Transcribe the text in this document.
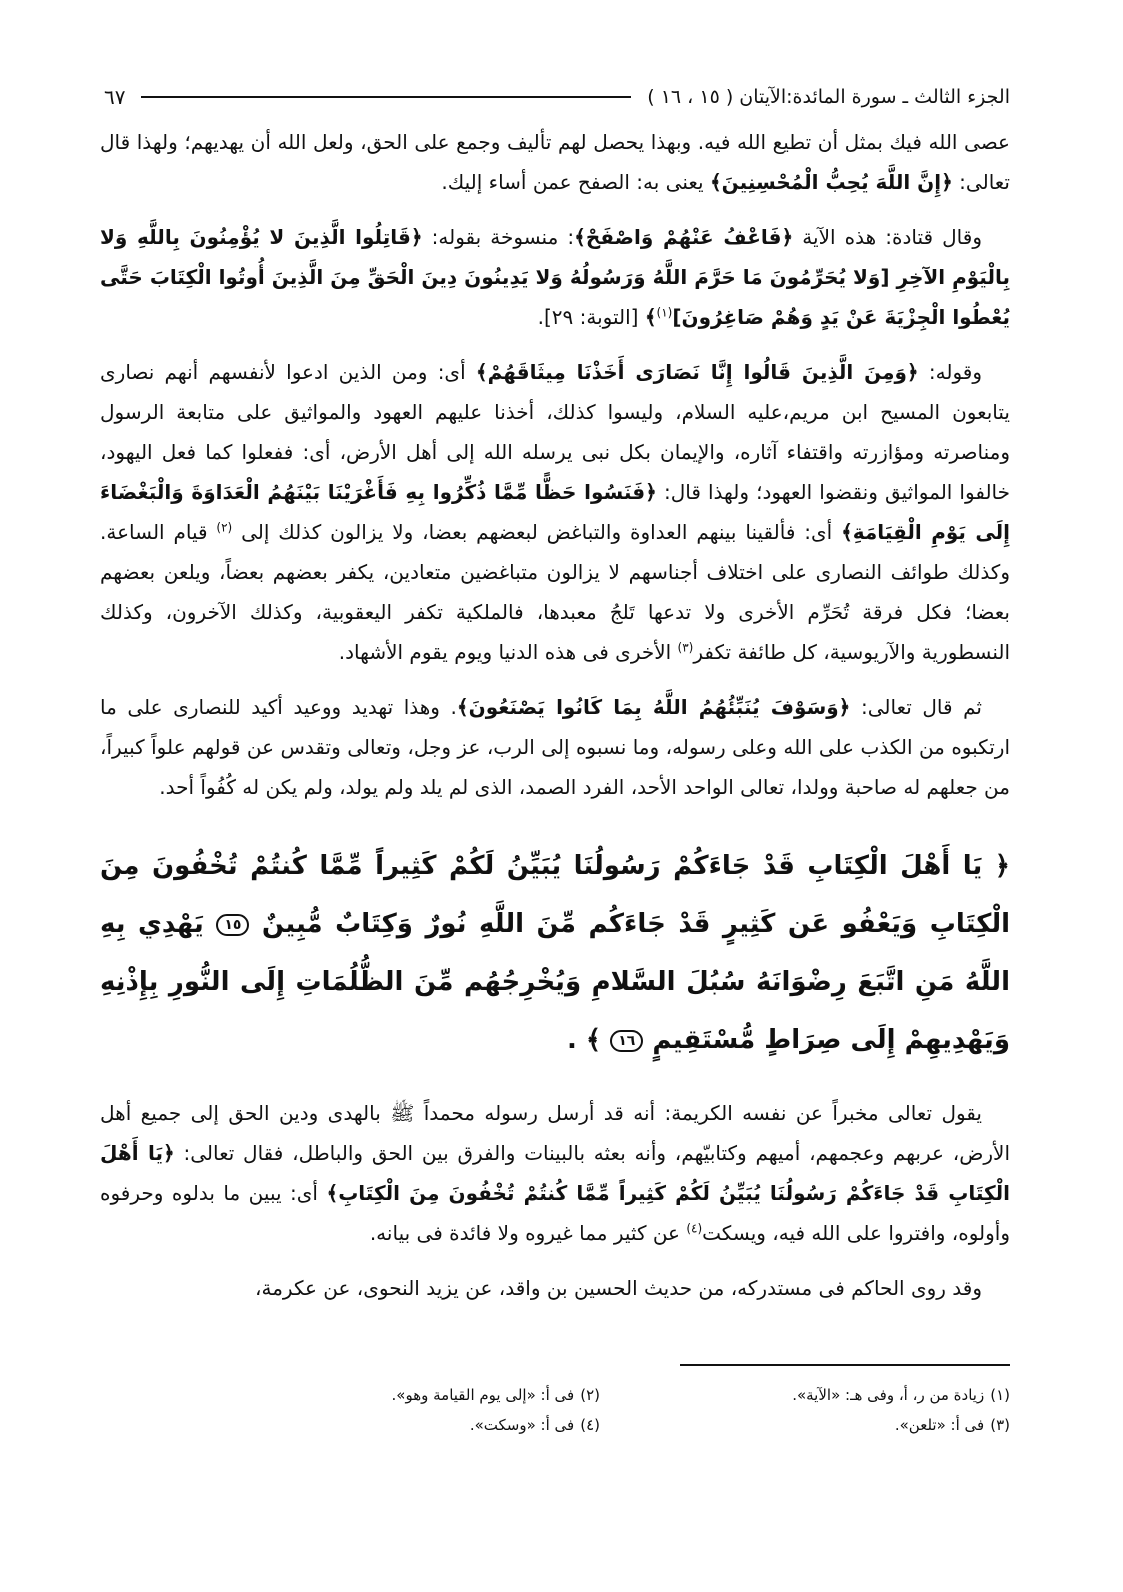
الجزء الثالث ـ سورة المائدة:الآيتان ( ١٥ ، ١٦ )
٦٧

عصى الله فيك بمثل أن تطيع الله فيه. وبهذا يحصل لهم تأليف وجمع على الحق، ولعل الله أن يهديهم؛ ولهذا قال تعالى: ﴿إِنَّ اللَّهَ يُحِبُّ الْمُحْسِنِينَ﴾ يعنى به: الصفح عمن أساء إليك.

وقال قتادة: هذه الآية ﴿فَاعْفُ عَنْهُمْ وَاصْفَحْ﴾: منسوخة بقوله: ﴿قَاتِلُوا الَّذِينَ لا يُؤْمِنُونَ بِاللَّهِ وَلا بِالْيَوْمِ الآخِرِ [وَلا يُحَرِّمُونَ مَا حَرَّمَ اللَّهُ وَرَسُولُهُ وَلا يَدِينُونَ دِينَ الْحَقِّ مِنَ الَّذِينَ أُوتُوا الْكِتَابَ حَتَّى يُعْطُوا الْجِزْيَةَ عَنْ يَدٍ وَهُمْ صَاغِرُونَ]$^{(١)}$﴾ [التوبة: ٢٩].

وقوله: ﴿وَمِنَ الَّذِينَ قَالُوا إِنَّا نَصَارَى أَخَذْنَا مِيثَاقَهُمْ﴾ أى: ومن الذين ادعوا لأنفسهم أنهم نصارى يتابعون المسيح ابن مريم،عليه السلام، وليسوا كذلك، أخذنا عليهم العهود والمواثيق على متابعة الرسول ومناصرته ومؤازرته واقتفاء آثاره، والإيمان بكل نبى يرسله الله إلى أهل الأرض، أى: ففعلوا كما فعل اليهود، خالفوا المواثيق ونقضوا العهود؛ ولهذا قال: ﴿فَنَسُوا حَظًّا مِّمَّا ذُكِّرُوا بِهِ فَأَغْرَيْنَا بَيْنَهُمُ الْعَدَاوَةَ وَالْبَغْضَاءَ إِلَى يَوْمِ الْقِيَامَةِ﴾ أى: فألقينا بينهم العداوة والتباغض لبعضهم بعضا، ولا يزالون كذلك إلى $^{(٢)}$ قيام الساعة. وكذلك طوائف النصارى على اختلاف أجناسهم لا يزالون متباغضين متعادين، يكفر بعضهم بعضاً، ويلعن بعضهم بعضا؛ فكل فرقة تُحَرِّم الأخرى ولا تدعها تَلجُ معبدها، فالملكية تكفر اليعقوبية، وكذلك الآخرون، وكذلك النسطورية والآريوسية، كل طائفة تكفر$^{(٣)}$ الأخرى فى هذه الدنيا ويوم يقوم الأشهاد.

ثم قال تعالى: ﴿وَسَوْفَ يُنَبِّئُهُمُ اللَّهُ بِمَا كَانُوا يَصْنَعُونَ﴾. وهذا تهديد ووعيد أكيد للنصارى على ما ارتكبوه من الكذب على الله وعلى رسوله، وما نسبوه إلى الرب، عز وجل، وتعالى وتقدس عن قولهم علواً كبيراً، من جعلهم له صاحبة وولدا، تعالى الواحد الأحد، الفرد الصمد، الذى لم يلد ولم يولد، ولم يكن له كُفُواً أحد.

﴿ يَا أَهْلَ الْكِتَابِ قَدْ جَاءَكُمْ رَسُولُنَا يُبَيِّنُ لَكُمْ كَثِيراً مِّمَّا كُنتُمْ تُخْفُونَ مِنَ الْكِتَابِ وَيَعْفُو عَن كَثِيرٍ قَدْ جَاءَكُم مِّنَ اللَّهِ نُورٌ وَكِتَابٌ مُّبِينٌ ١٥ يَهْدِي بِهِ اللَّهُ مَنِ اتَّبَعَ رِضْوَانَهُ سُبُلَ السَّلامِ وَيُخْرِجُهُم مِّنَ الظُّلُمَاتِ إِلَى النُّورِ بِإِذْنِهِ وَيَهْدِيهِمْ إِلَى صِرَاطٍ مُّسْتَقِيمٍ ١٦ ﴾ .

يقول تعالى مخبراً عن نفسه الكريمة: أنه قد أرسل رسوله محمداً ﷺ بالهدى ودين الحق إلى جميع أهل الأرض، عربهم وعجمهم، أميهم وكتابيّهم، وأنه بعثه بالبينات والفرق بين الحق والباطل، فقال تعالى: ﴿يَا أَهْلَ الْكِتَابِ قَدْ جَاءَكُمْ رَسُولُنَا يُبَيِّنُ لَكُمْ كَثِيراً مِّمَّا كُنتُمْ تُخْفُونَ مِنَ الْكِتَابِ﴾ أى: يبين ما بدلوه وحرفوه وأولوه، وافتروا على الله فيه، ويسكت$^{(٤)}$ عن كثير مما غيروه ولا فائدة فى بيانه.

وقد روى الحاكم فى مستدركه، من حديث الحسين بن واقد، عن يزيد النحوى، عن عكرمة،

(١)زيادة من ر، أ، وفى هـ: «الآية».
(٢)فى أ: «إلى يوم القيامة وهو».
(٣)فى أ: «تلعن».
(٤)فى أ: «وسكت».
